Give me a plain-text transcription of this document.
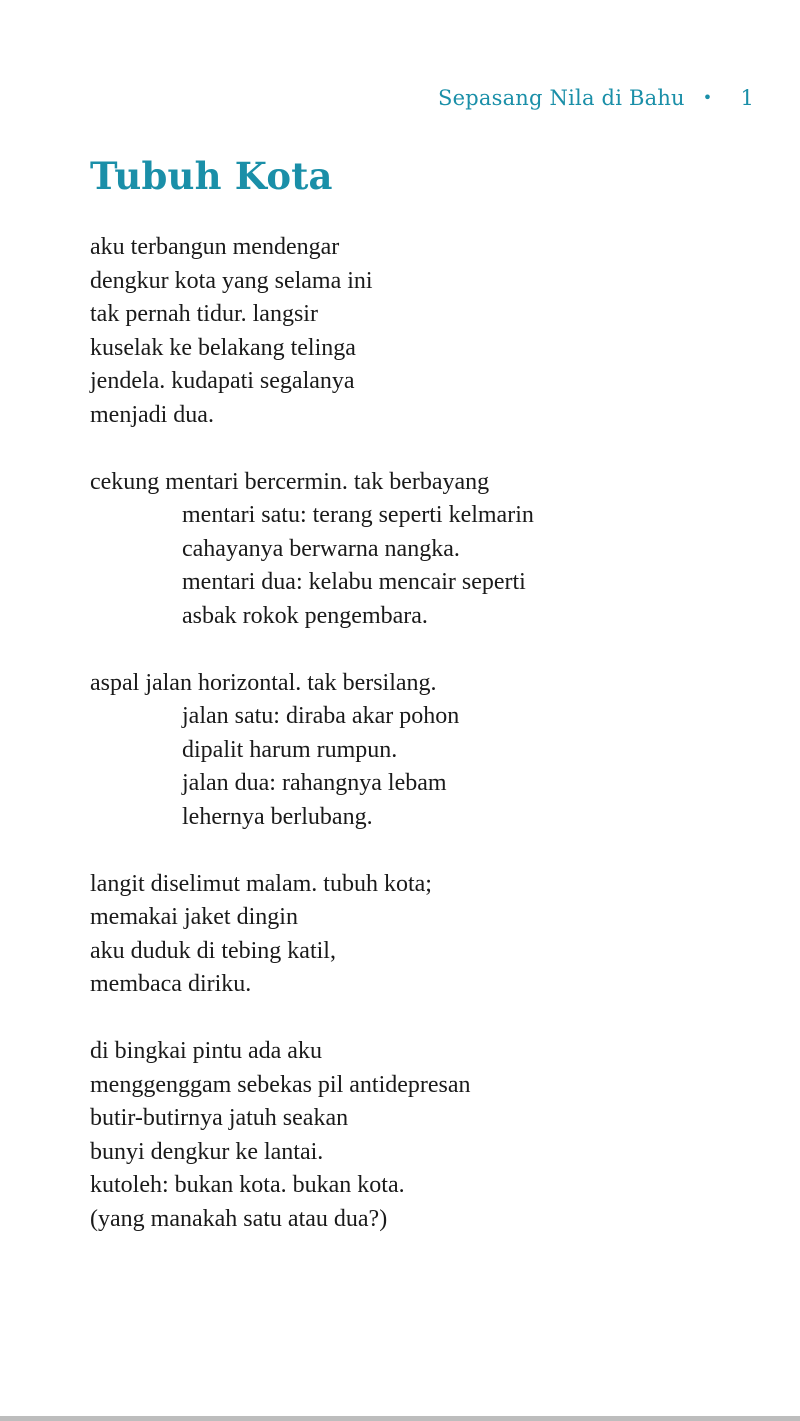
Sepasang Nila di Bahu • 1
Tubuh Kota
aku terbangun mendengar
dengkur kota yang selama ini
tak pernah tidur. langsir
kuselak ke belakang telinga
jendela. kudapati segalanya
menjadi dua.
cekung mentari bercermin. tak berbayang
mentari satu: terang seperti kelmarin
cahayanya berwarna nangka.
mentari dua: kelabu mencair seperti
asbak rokok pengembara.
aspal jalan horizontal. tak bersilang.
jalan satu: diraba akar pohon
dipalit harum rumpun.
jalan dua: rahangnya lebam
lehernya berlubang.
langit diselimut malam. tubuh kota;
memakai jaket dingin
aku duduk di tebing katil,
membaca diriku.
di bingkai pintu ada aku
menggenggam sebekas pil antidepresan
butir-butirnya jatuh seakan
bunyi dengkur ke lantai.
kutoleh: bukan kota. bukan kota.
(yang manakah satu atau dua?)
